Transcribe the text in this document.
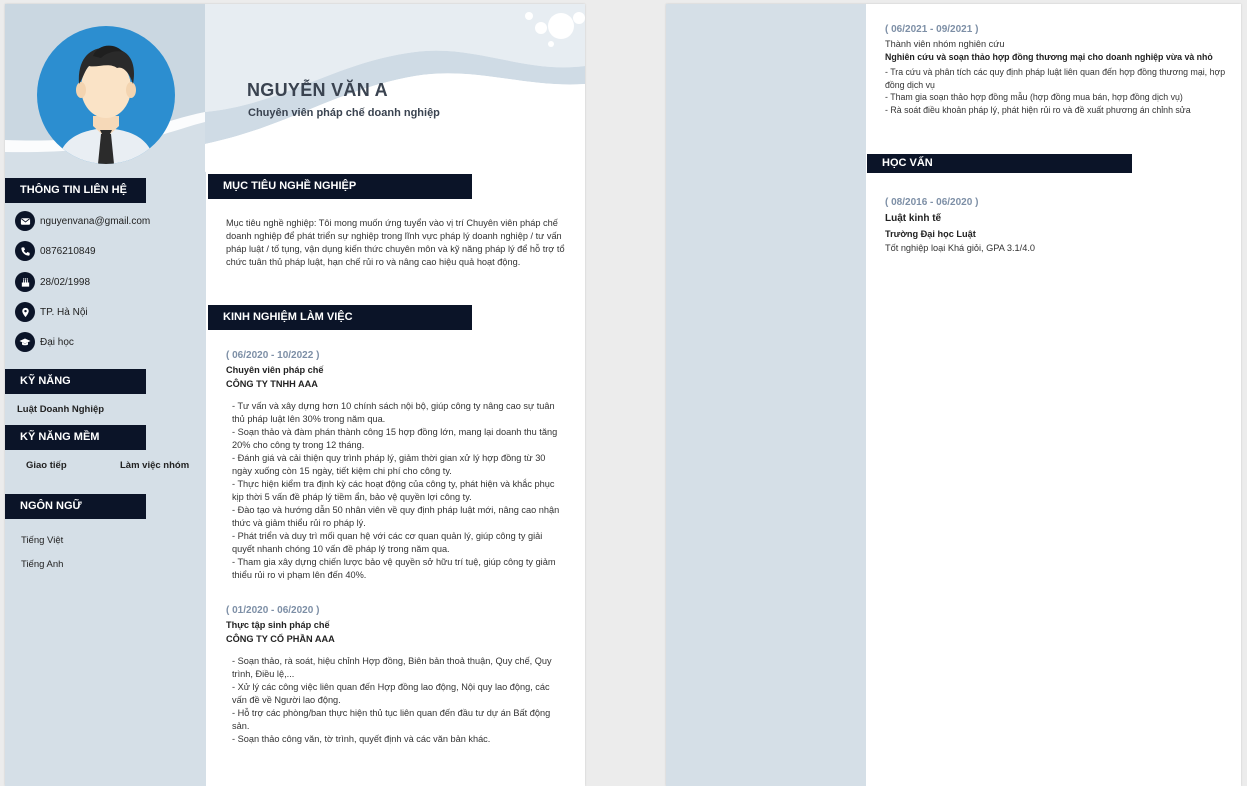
NGUYỄN VĂN A
Chuyên viên pháp chế doanh nghiệp
THÔNG TIN LIÊN HỆ
nguyenvana@gmail.com
0876210849
28/02/1998
TP. Hà Nội
Đại học
KỸ NĂNG
Luật Doanh Nghiệp
KỸ NĂNG MỀM
Giao tiếp	Làm việc nhóm
NGÔN NGỮ
Tiếng Việt
Tiếng Anh
MỤC TIÊU NGHỀ NGHIỆP
Mục tiêu nghề nghiệp: Tôi mong muốn ứng tuyển vào vị trí Chuyên viên pháp chế doanh nghiệp để phát triển sự nghiệp trong lĩnh vực pháp lý doanh nghiệp / tư vấn pháp luật / tố tụng, vận dụng kiến thức chuyên môn và kỹ năng pháp lý để hỗ trợ tổ chức tuân thủ pháp luật, hạn chế rủi ro và nâng cao hiệu quả hoạt động.
KINH NGHIỆM LÀM VIỆC
( 06/2020 - 10/2022 )
Chuyên viên pháp chế
CÔNG TY TNHH AAA
- Tư vấn và xây dựng hơn 10 chính sách nội bộ, giúp công ty nâng cao sự tuân thủ pháp luật lên 30% trong năm qua.
- Soạn thảo và đàm phán thành công 15 hợp đồng lớn, mang lại doanh thu tăng 20% cho công ty trong 12 tháng.
- Đánh giá và cải thiện quy trình pháp lý, giảm thời gian xử lý hợp đồng từ 30 ngày xuống còn 15 ngày, tiết kiệm chi phí cho công ty.
- Thực hiện kiểm tra định kỳ các hoạt động của công ty, phát hiện và khắc phục kịp thời 5 vấn đề pháp lý tiềm ẩn, bảo vệ quyền lợi công ty.
- Đào tạo và hướng dẫn 50 nhân viên về quy định pháp luật mới, nâng cao nhận thức và giảm thiểu rủi ro pháp lý.
- Phát triển và duy trì mối quan hệ với các cơ quan quản lý, giúp công ty giải quyết nhanh chóng 10 vấn đề pháp lý trong năm qua.
- Tham gia xây dựng chiến lược bảo vệ quyền sở hữu trí tuệ, giúp công ty giảm thiểu rủi ro vi phạm lên đến 40%.
( 01/2020 - 06/2020 )
Thực tập sinh pháp chế
CÔNG TY CỔ PHẦN AAA
- Soạn thảo, rà soát, hiệu chỉnh Hợp đồng, Biên bản thoả thuận, Quy chế, Quy trình, Điều lệ,...
- Xử lý các công việc liên quan đến Hợp đồng lao động, Nội quy lao động, các vấn đề về Người lao động.
- Hỗ trợ các phòng/ban thực hiện thủ tục liên quan đến đầu tư dự án Bất động sản.
- Soạn thảo công văn, tờ trình, quyết định và các văn bản khác.
( 06/2021 - 09/2021 )
Thành viên nhóm nghiên cứu
Nghiên cứu và soạn thảo hợp đồng thương mại cho doanh nghiệp vừa và nhỏ
- Tra cứu và phân tích các quy định pháp luật liên quan đến hợp đồng thương mại, hợp đồng dịch vụ
- Tham gia soạn thảo hợp đồng mẫu (hợp đồng mua bán, hợp đồng dịch vụ)
- Rà soát điều khoản pháp lý, phát hiện rủi ro và đề xuất phương án chỉnh sửa
HỌC VẤN
( 08/2016 - 06/2020 )
Luật kinh tế
Trường Đại học Luật
Tốt nghiệp loại Khá giỏi, GPA 3.1/4.0
